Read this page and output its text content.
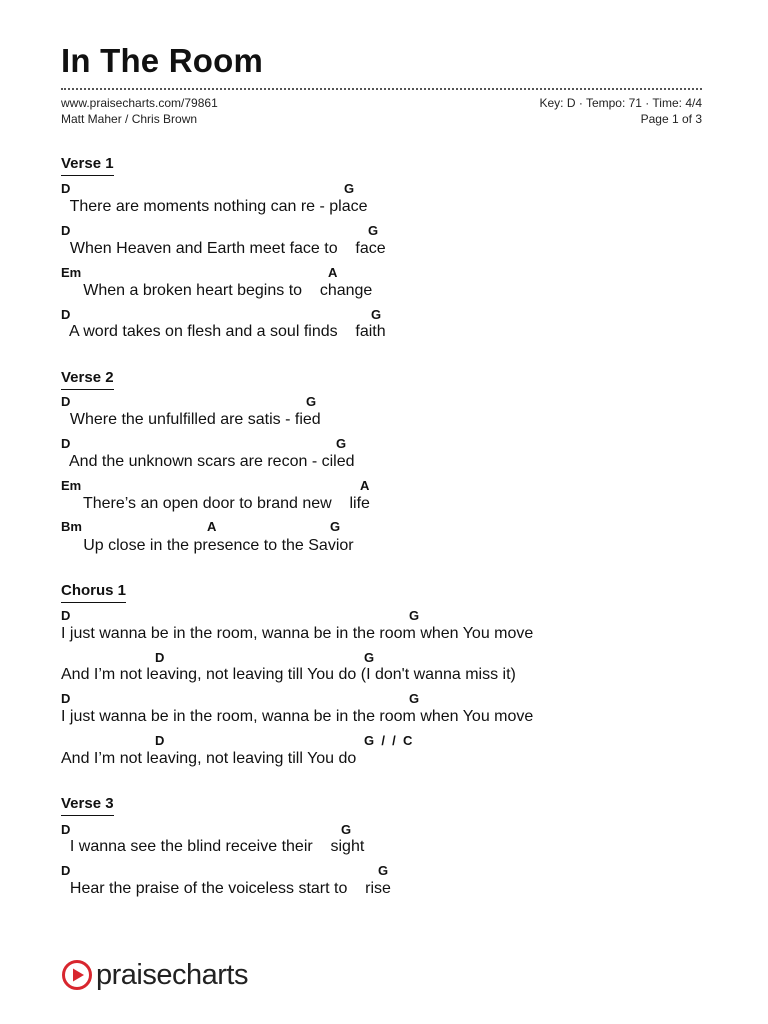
In The Room
www.praisecharts.com/79861
Matt Maher / Chris Brown
Key: D · Tempo: 71 · Time: 4/4
Page 1 of 3
Verse 1
D	G
There are moments nothing can re - place
D	G
When Heaven and Earth meet face to    face
Em	A
When a broken heart begins to    change
D	G
A word takes on flesh and a soul finds    faith
Verse 2
D	G
Where the unfulfilled are satis - fied
D	G
And the unknown scars are recon - ciled
Em	A
There’s an open door to brand new    life
Bm	A	G
Up close in the presence to the Savior
Chorus 1
D	G
I just wanna be in the room, wanna be in the room when You move
D	G
And I’m not leaving, not leaving till You do (I don't wanna miss it)
D	G
I just wanna be in the room, wanna be in the room when You move
D	G  /  /  C
And I’m not leaving, not leaving till You do
Verse 3
D	G
I wanna see the blind receive their    sight
D	G
Hear the praise of the voiceless start to    rise
praisecharts
